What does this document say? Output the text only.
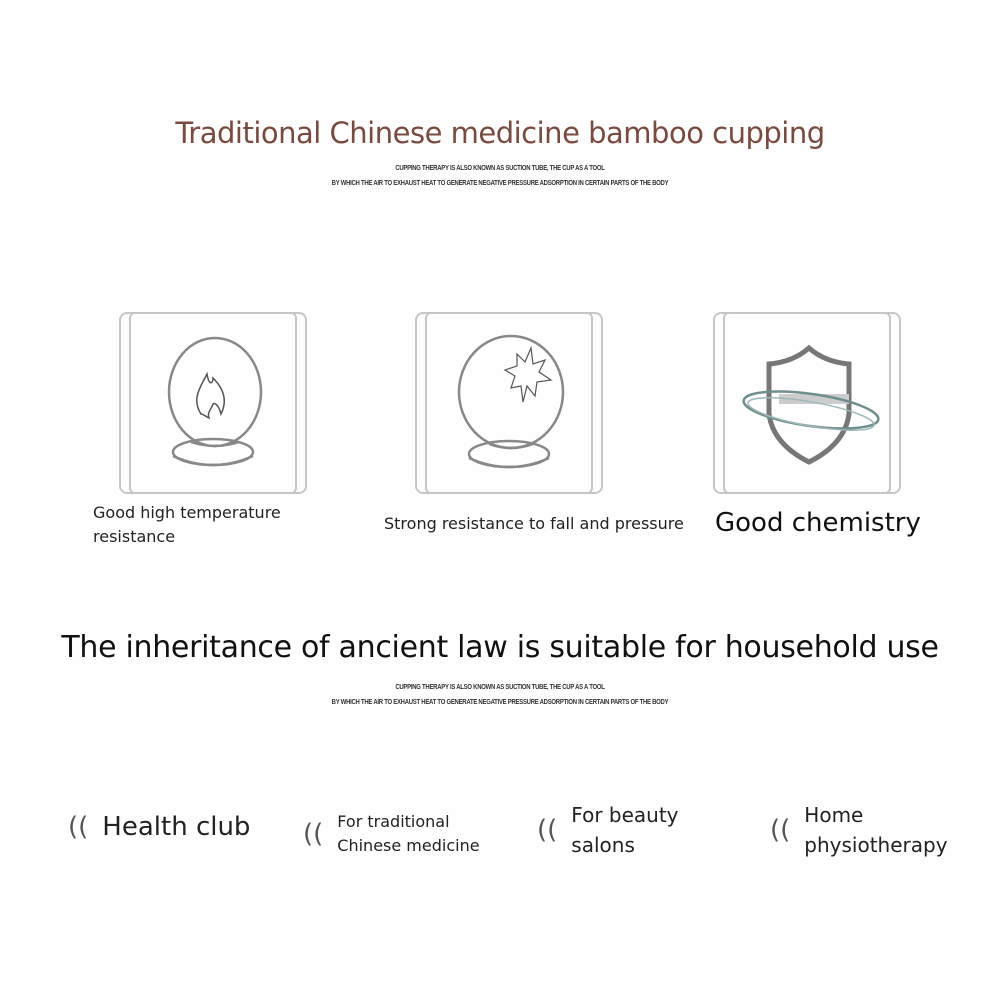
Traditional Chinese medicine bamboo cupping
CUPPING THERAPY IS ALSO KNOWN AS SUCTION TUBE, THE CUP AS A TOOL
BY WHICH THE AIR TO EXHAUST HEAT TO GENERATE NEGATIVE PRESSURE ADSORPTION IN CERTAIN PARTS OF THE BODY
Good high temperature
resistance
Strong resistance to fall and pressure Good chemistry
The inheritance of ancient law is suitable for household use
CUPPING THERAPY IS ALSO KNOWN AS SUCTION TUBE, THE CUP AS A TOOL
BY WHICH THE AIR TO EXHAUST HEAT TO GENERATE NEGATIVE PRESSURE ADSORPTION IN CERTAIN PARTS OF THE BODY
(( Health club (( For traditional
Chinese medicine
(( For beauty
salons	(( Home
physiotherapy
